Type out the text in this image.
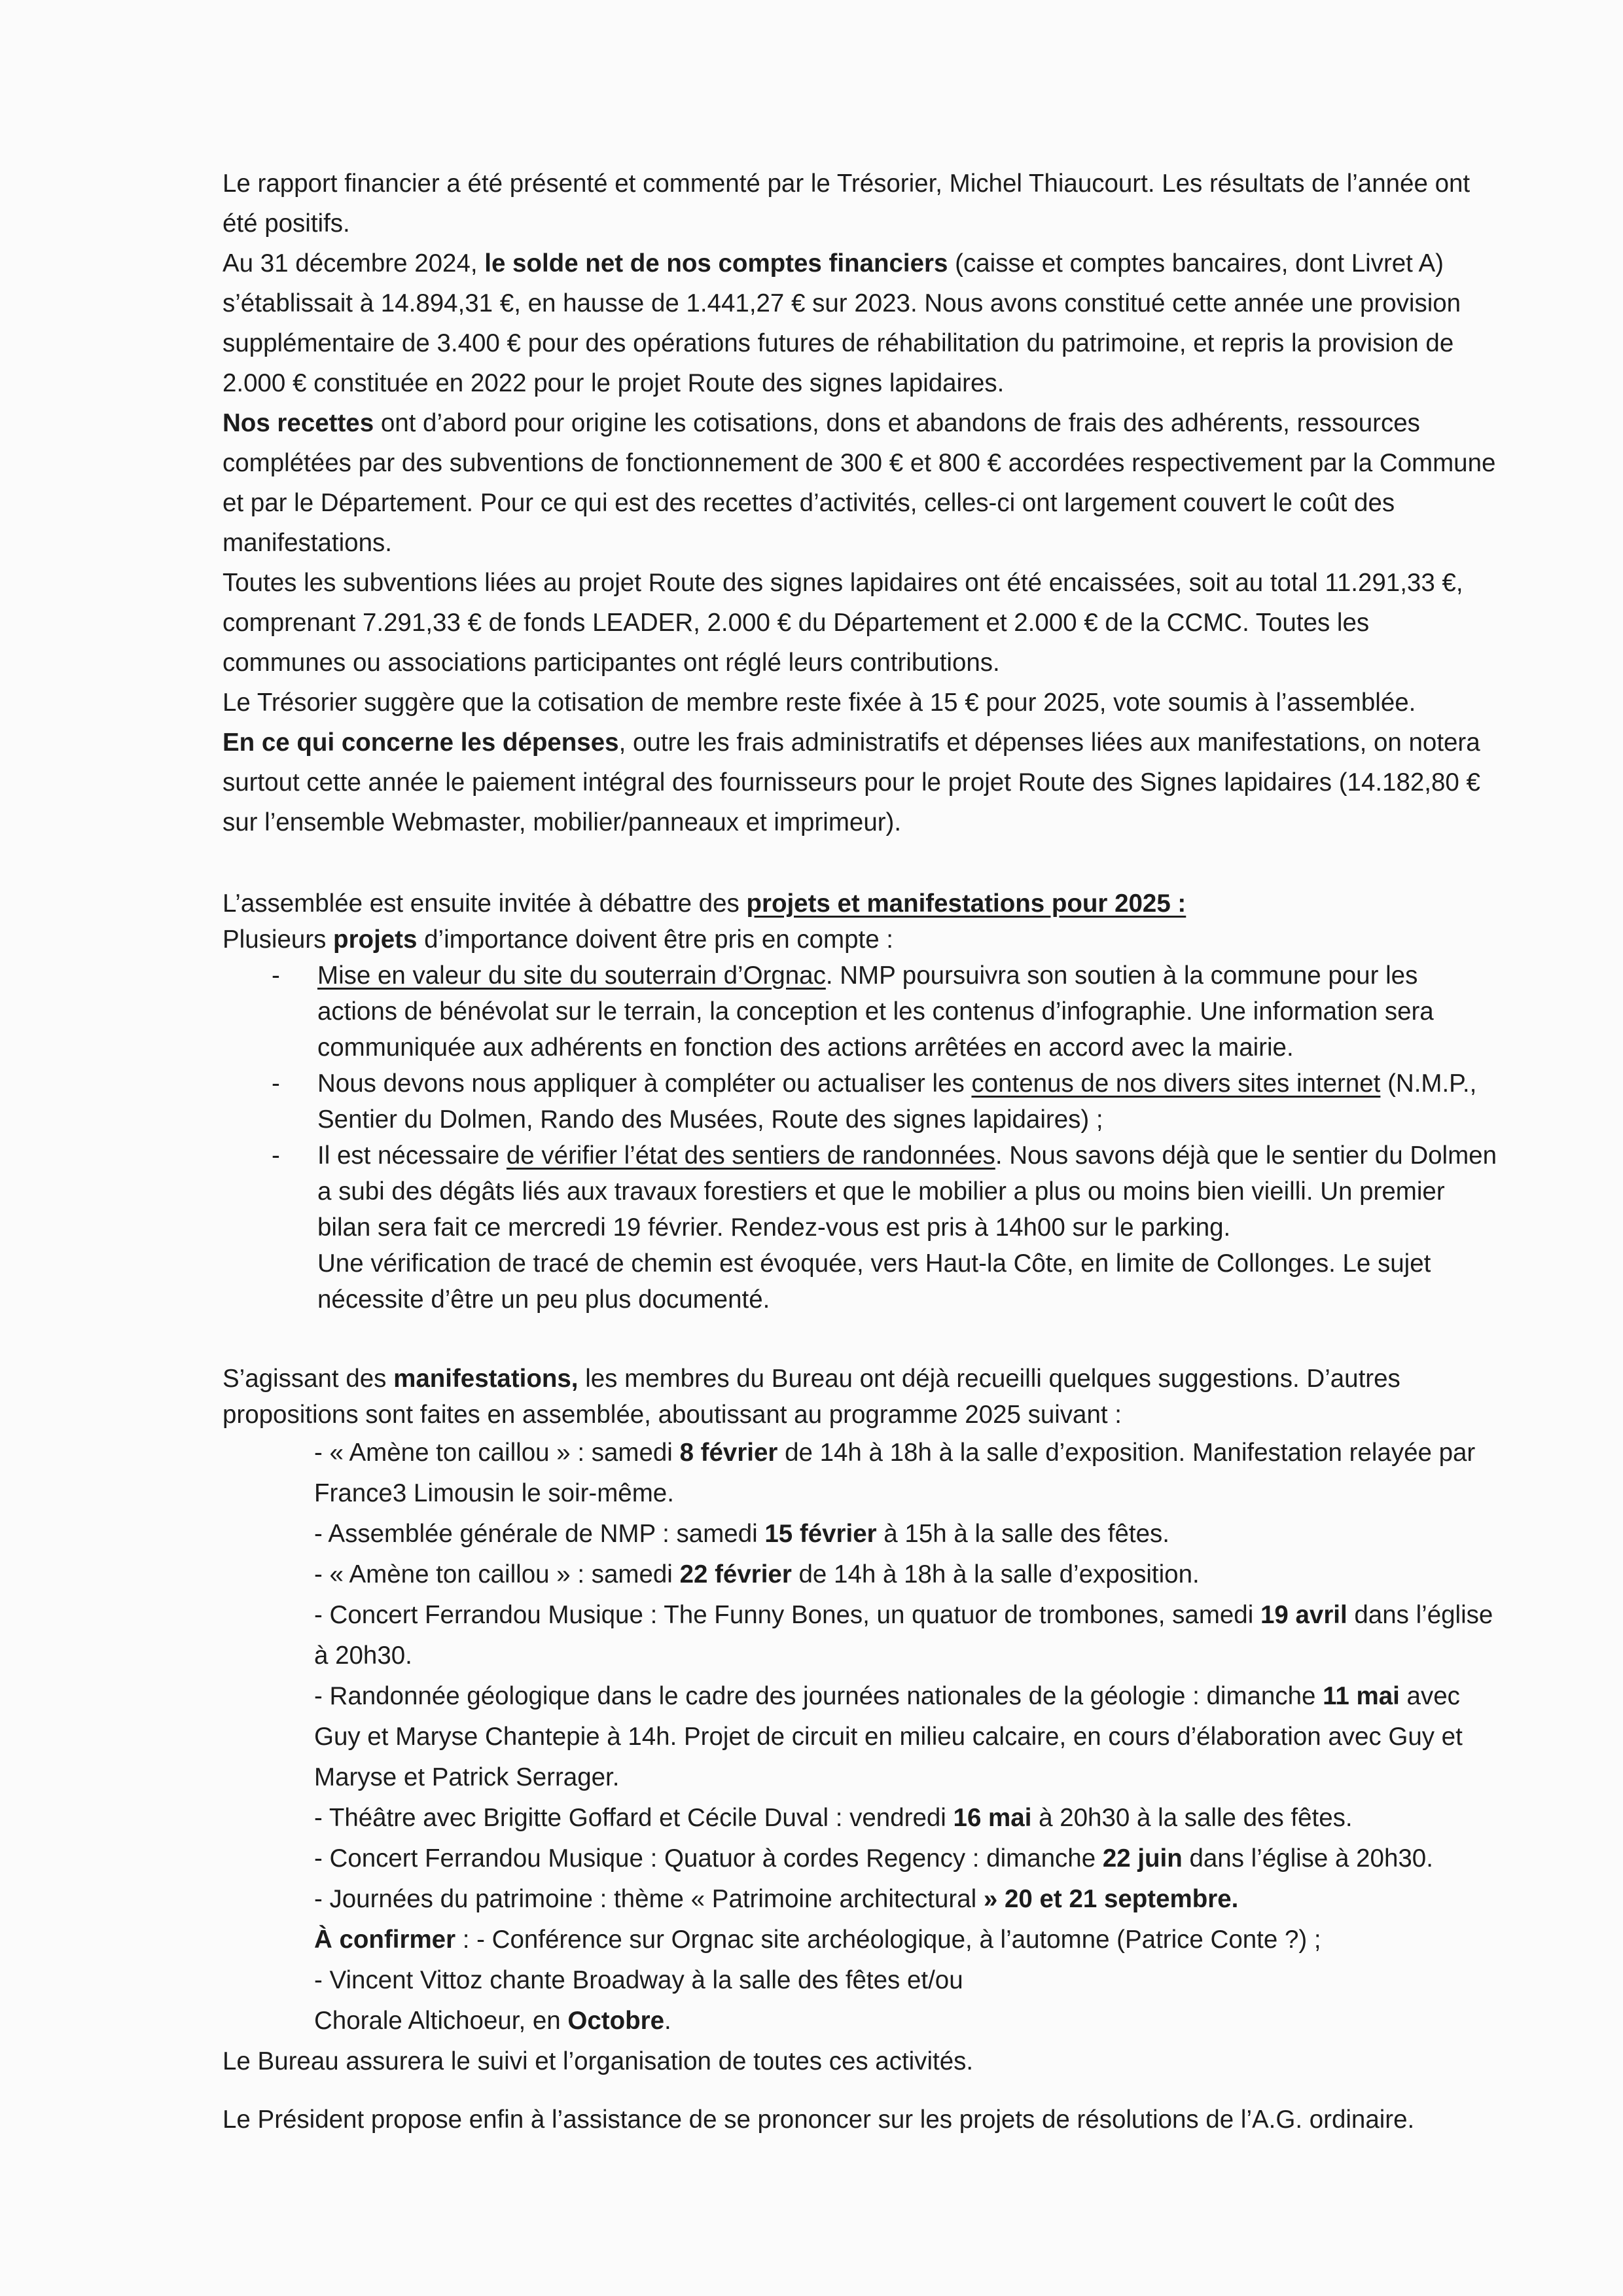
Le rapport financier a été présenté et commenté par le Trésorier, Michel Thiaucourt. Les résultats de l’année ont été positifs.

Au 31 décembre 2024, le solde net de nos comptes financiers (caisse et comptes bancaires, dont Livret A) s’établissait à 14.894,31 €, en hausse de 1.441,27 € sur 2023. Nous avons constitué cette année une provision supplémentaire de 3.400 € pour des opérations futures de réhabilitation du patrimoine, et repris la provision de 2.000 € constituée en 2022 pour le projet Route des signes lapidaires.

Nos recettes ont d’abord pour origine les cotisations, dons et abandons de frais des adhérents, ressources complétées par des subventions de fonctionnement de 300 € et 800 € accordées respectivement par la Commune et par le Département. Pour ce qui est des recettes d’activités, celles-ci ont largement couvert le coût des manifestations.

Toutes les subventions liées au projet Route des signes lapidaires ont été encaissées, soit au total 11.291,33 €, comprenant 7.291,33 € de fonds LEADER, 2.000 € du Département et 2.000 € de la CCMC. Toutes les communes ou associations participantes ont réglé leurs contributions.

Le Trésorier suggère que la cotisation de membre reste fixée à 15 € pour 2025, vote soumis à l’assemblée.

En ce qui concerne les dépenses, outre les frais administratifs et dépenses liées aux manifestations, on notera surtout cette année le paiement intégral des fournisseurs pour le projet Route des Signes lapidaires (14.182,80 € sur l’ensemble Webmaster, mobilier/panneaux et imprimeur).

L’assemblée est ensuite invitée à débattre des projets et manifestations pour 2025 :

Plusieurs projets d’importance doivent être pris en compte :

- Mise en valeur du site du souterrain d’Orgnac. NMP poursuivra son soutien à la commune pour les actions de bénévolat sur le terrain, la conception et les contenus d’infographie. Une information sera communiquée aux adhérents en fonction des actions arrêtées en accord avec la mairie.
- Nous devons nous appliquer à compléter ou actualiser les contenus de nos divers sites internet (N.M.P., Sentier du Dolmen, Rando des Musées, Route des signes lapidaires) ;
- Il est nécessaire de vérifier l’état des sentiers de randonnées. Nous savons déjà que le sentier du Dolmen a subi des dégâts liés aux travaux forestiers et que le mobilier a plus ou moins bien vieilli. Un premier bilan sera fait ce mercredi 19 février. Rendez-vous est pris à 14h00 sur le parking.
Une vérification de tracé de chemin est évoquée, vers Haut-la Côte, en limite de Collonges. Le sujet nécessite d’être un peu plus documenté.

S’agissant des manifestations, les membres du Bureau ont déjà recueilli quelques suggestions. D’autres propositions sont faites en assemblée, aboutissant au programme 2025 suivant :

- « Amène ton caillou » : samedi 8 février de 14h à 18h à la salle d’exposition. Manifestation relayée par France3 Limousin le soir-même.

- Assemblée générale de NMP : samedi 15 février à 15h à la salle des fêtes.

- « Amène ton caillou » : samedi 22 février de 14h à 18h à la salle d’exposition.

- Concert Ferrandou Musique : The Funny Bones, un quatuor de trombones, samedi 19 avril dans l’église à 20h30.

- Randonnée géologique dans le cadre des journées nationales de la géologie : dimanche 11 mai avec Guy et Maryse Chantepie à 14h. Projet de circuit en milieu calcaire, en cours d’élaboration avec Guy et Maryse et Patrick Serrager.

- Théâtre avec Brigitte Goffard et Cécile Duval : vendredi 16 mai à 20h30 à la salle des fêtes.

- Concert Ferrandou Musique : Quatuor à cordes Regency : dimanche 22 juin dans l’église à 20h30.

- Journées du patrimoine : thème « Patrimoine architectural » 20 et 21 septembre.

À confirmer : - Conférence sur Orgnac site archéologique, à l’automne (Patrice Conte ?) ;

- Vincent Vittoz chante Broadway à la salle des fêtes et/ou

Chorale Altichoeur, en Octobre.

Le Bureau assurera le suivi et l’organisation de toutes ces activités.

Le Président propose enfin à l’assistance de se prononcer sur les projets de résolutions de l’A.G. ordinaire.
